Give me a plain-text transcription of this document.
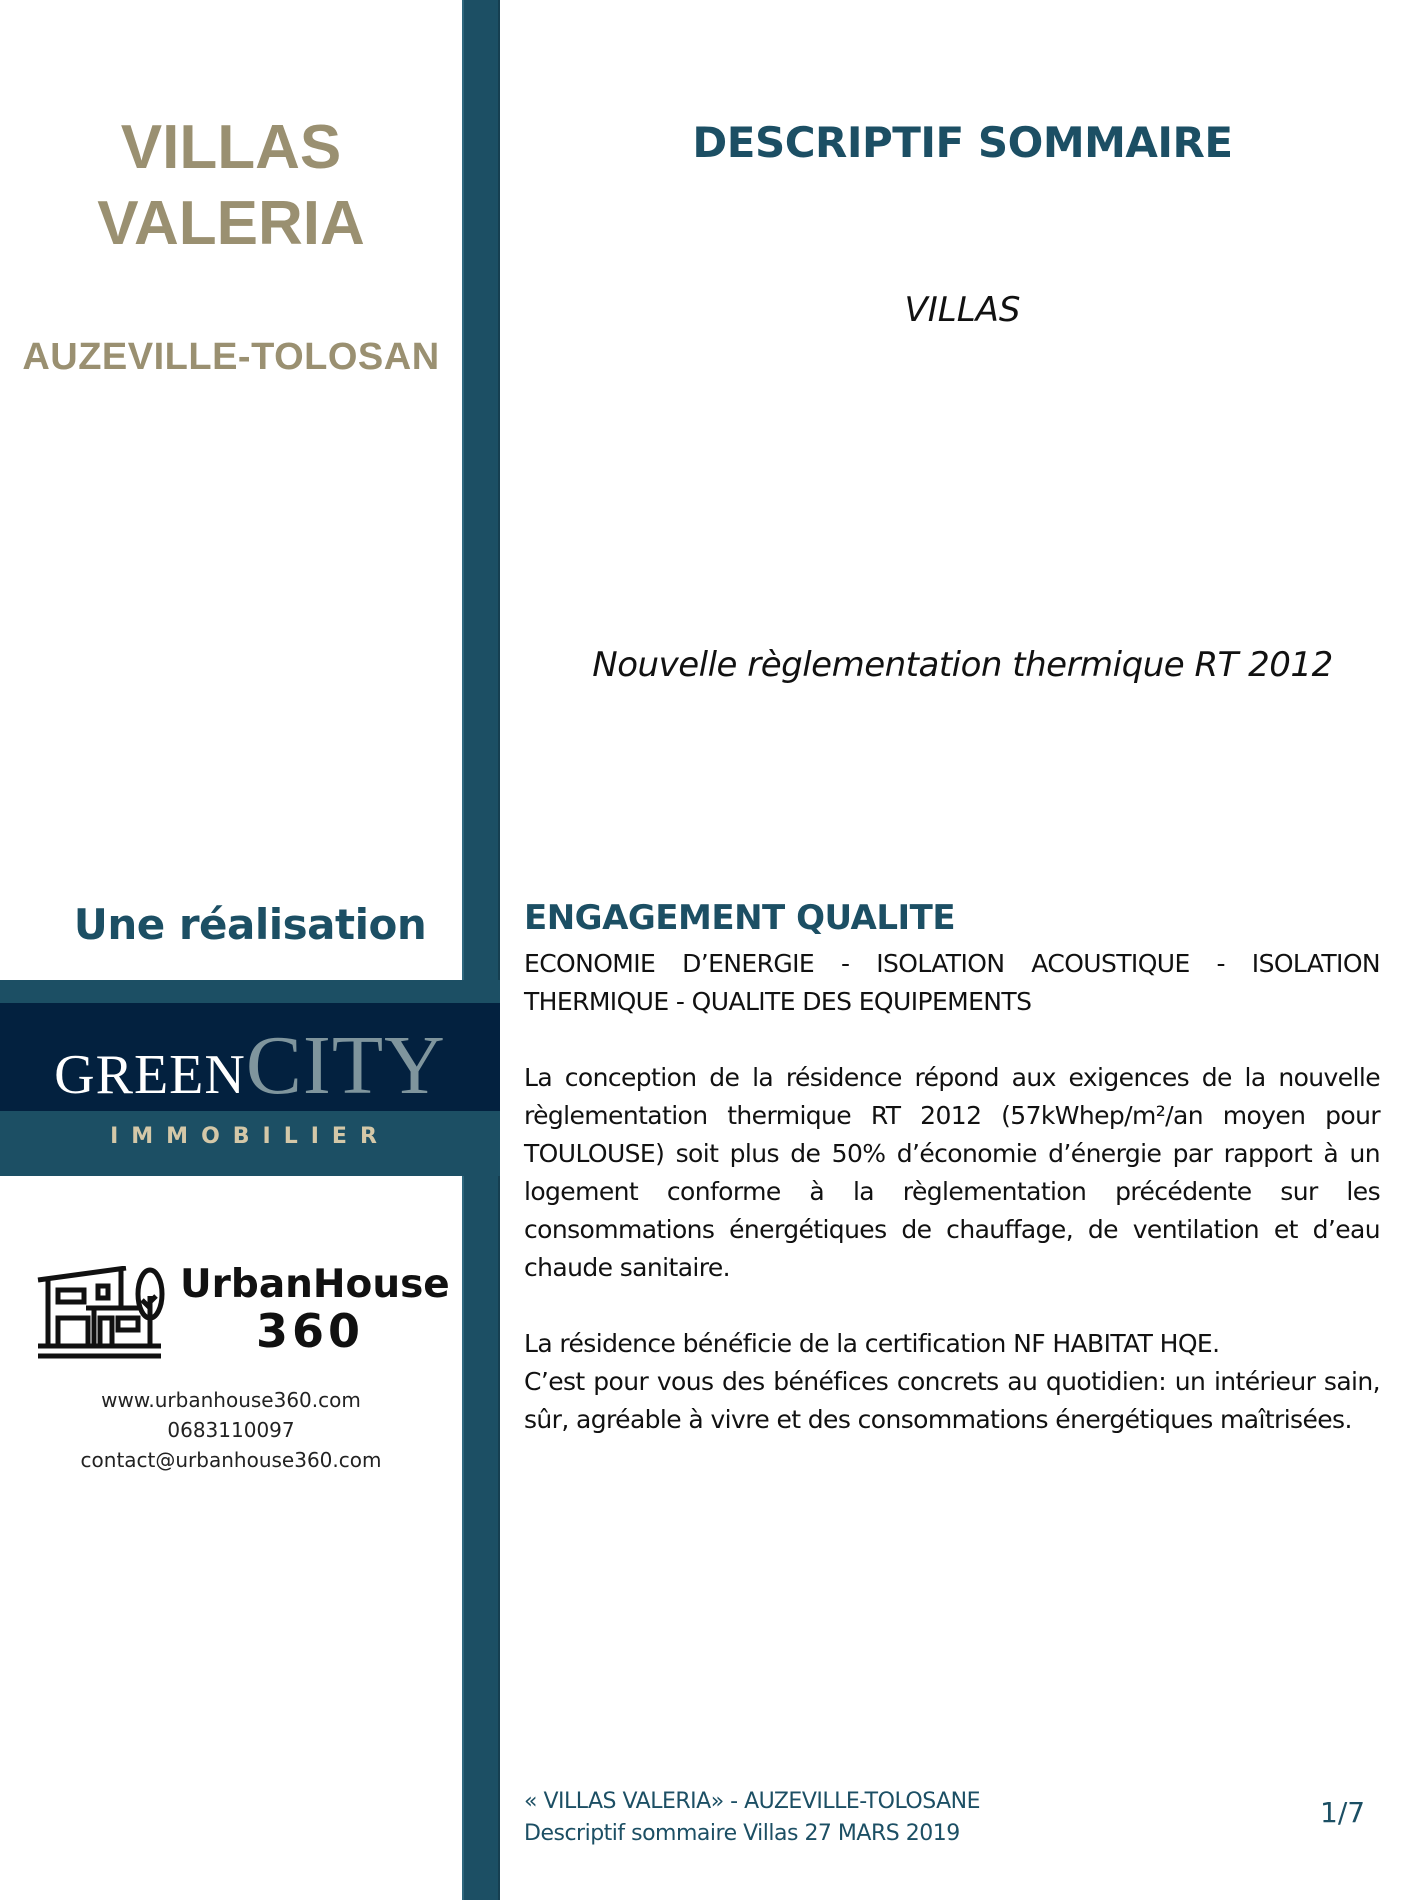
VILLAS
VALERIA
AUZEVILLE-TOLOSAN
Une réalisation
GREENCITY
IMMOBILIER
UrbanHouse
360
www.urbanhouse360.com
0683110097
contact@urbanhouse360.com
DESCRIPTIF SOMMAIRE
VILLAS
Nouvelle règlementation thermique RT 2012
ENGAGEMENT QUALITE

ECONOMIE D’ENERGIE - ISOLATION ACOUSTIQUE - ISOLATION THERMIQUE - QUALITE DES EQUIPEMENTS

La conception de la résidence répond aux exigences de la nouvelle règlementation thermique RT 2012 (57kWhep/m²/an moyen pour TOULOUSE) soit plus de 50% d’économie d’énergie par rapport à un logement conforme à la règlementation précédente sur les consommations énergétiques de chauffage, de ventilation et d’eau chaude sanitaire.

La résidence bénéficie de la certification NF HABITAT HQE.

C’est pour vous des bénéfices concrets au quotidien: un intérieur sain, sûr, agréable à vivre et des consommations énergétiques maîtrisées.

« VILLAS VALERIA» - AUZEVILLE-TOLOSANE
Descriptif sommaire Villas 27 MARS 2019
1/7
